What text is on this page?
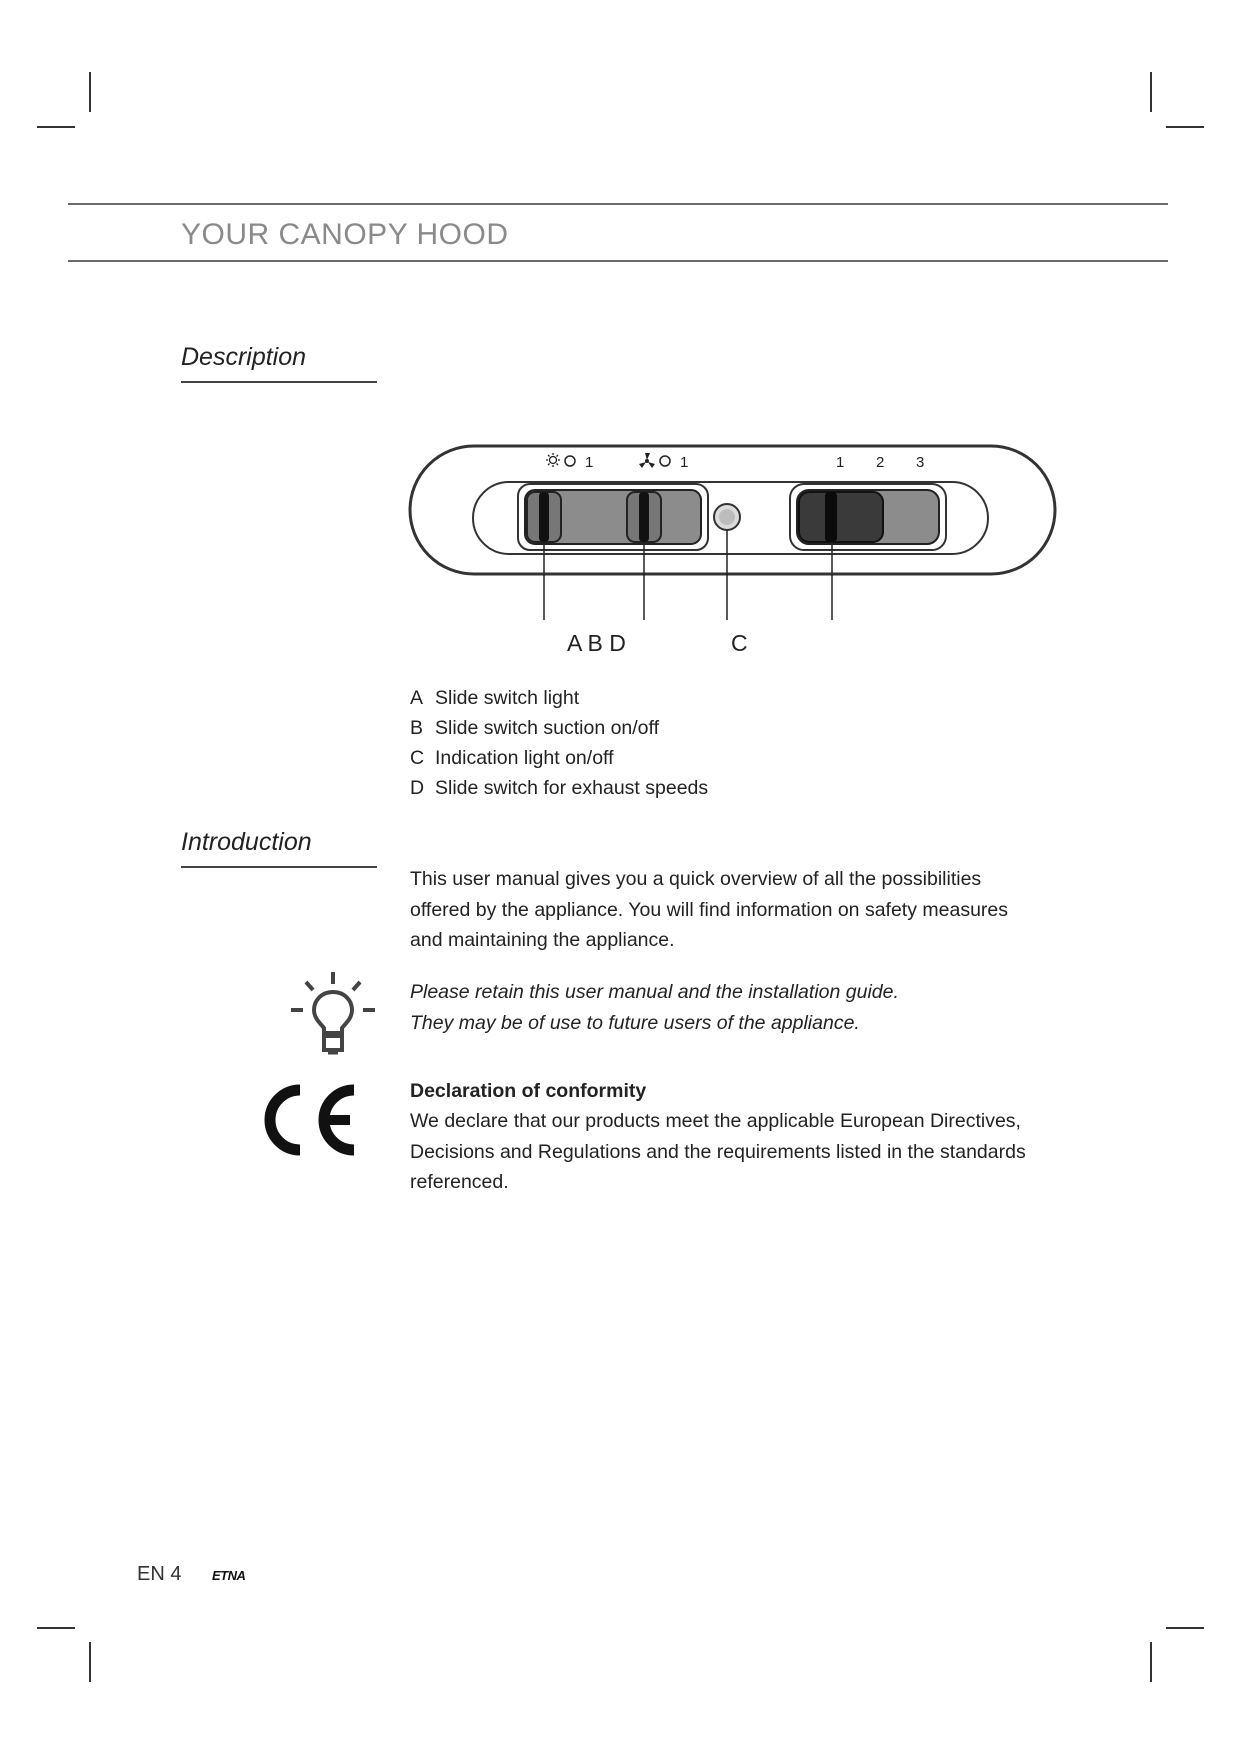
YOUR CANOPY HOOD
Description
1	1	1 2 3
A B D	C
A Slide switch light
B Slide switch suction on/off
C Indication light on/off
D Slide switch for exhaust speeds
Introduction

This user manual gives you a quick overview of all the possibilities

offered by the appliance. You will find information on safety measures

and maintaining the appliance.

Please retain this user manual and the installation guide.

They may be of use to future users of the appliance.

Declaration of conformity

We declare that our products meet the applicable European Directives,

Decisions and Regulations and the requirements listed in the standards

referenced.

EN 4 ETNA
